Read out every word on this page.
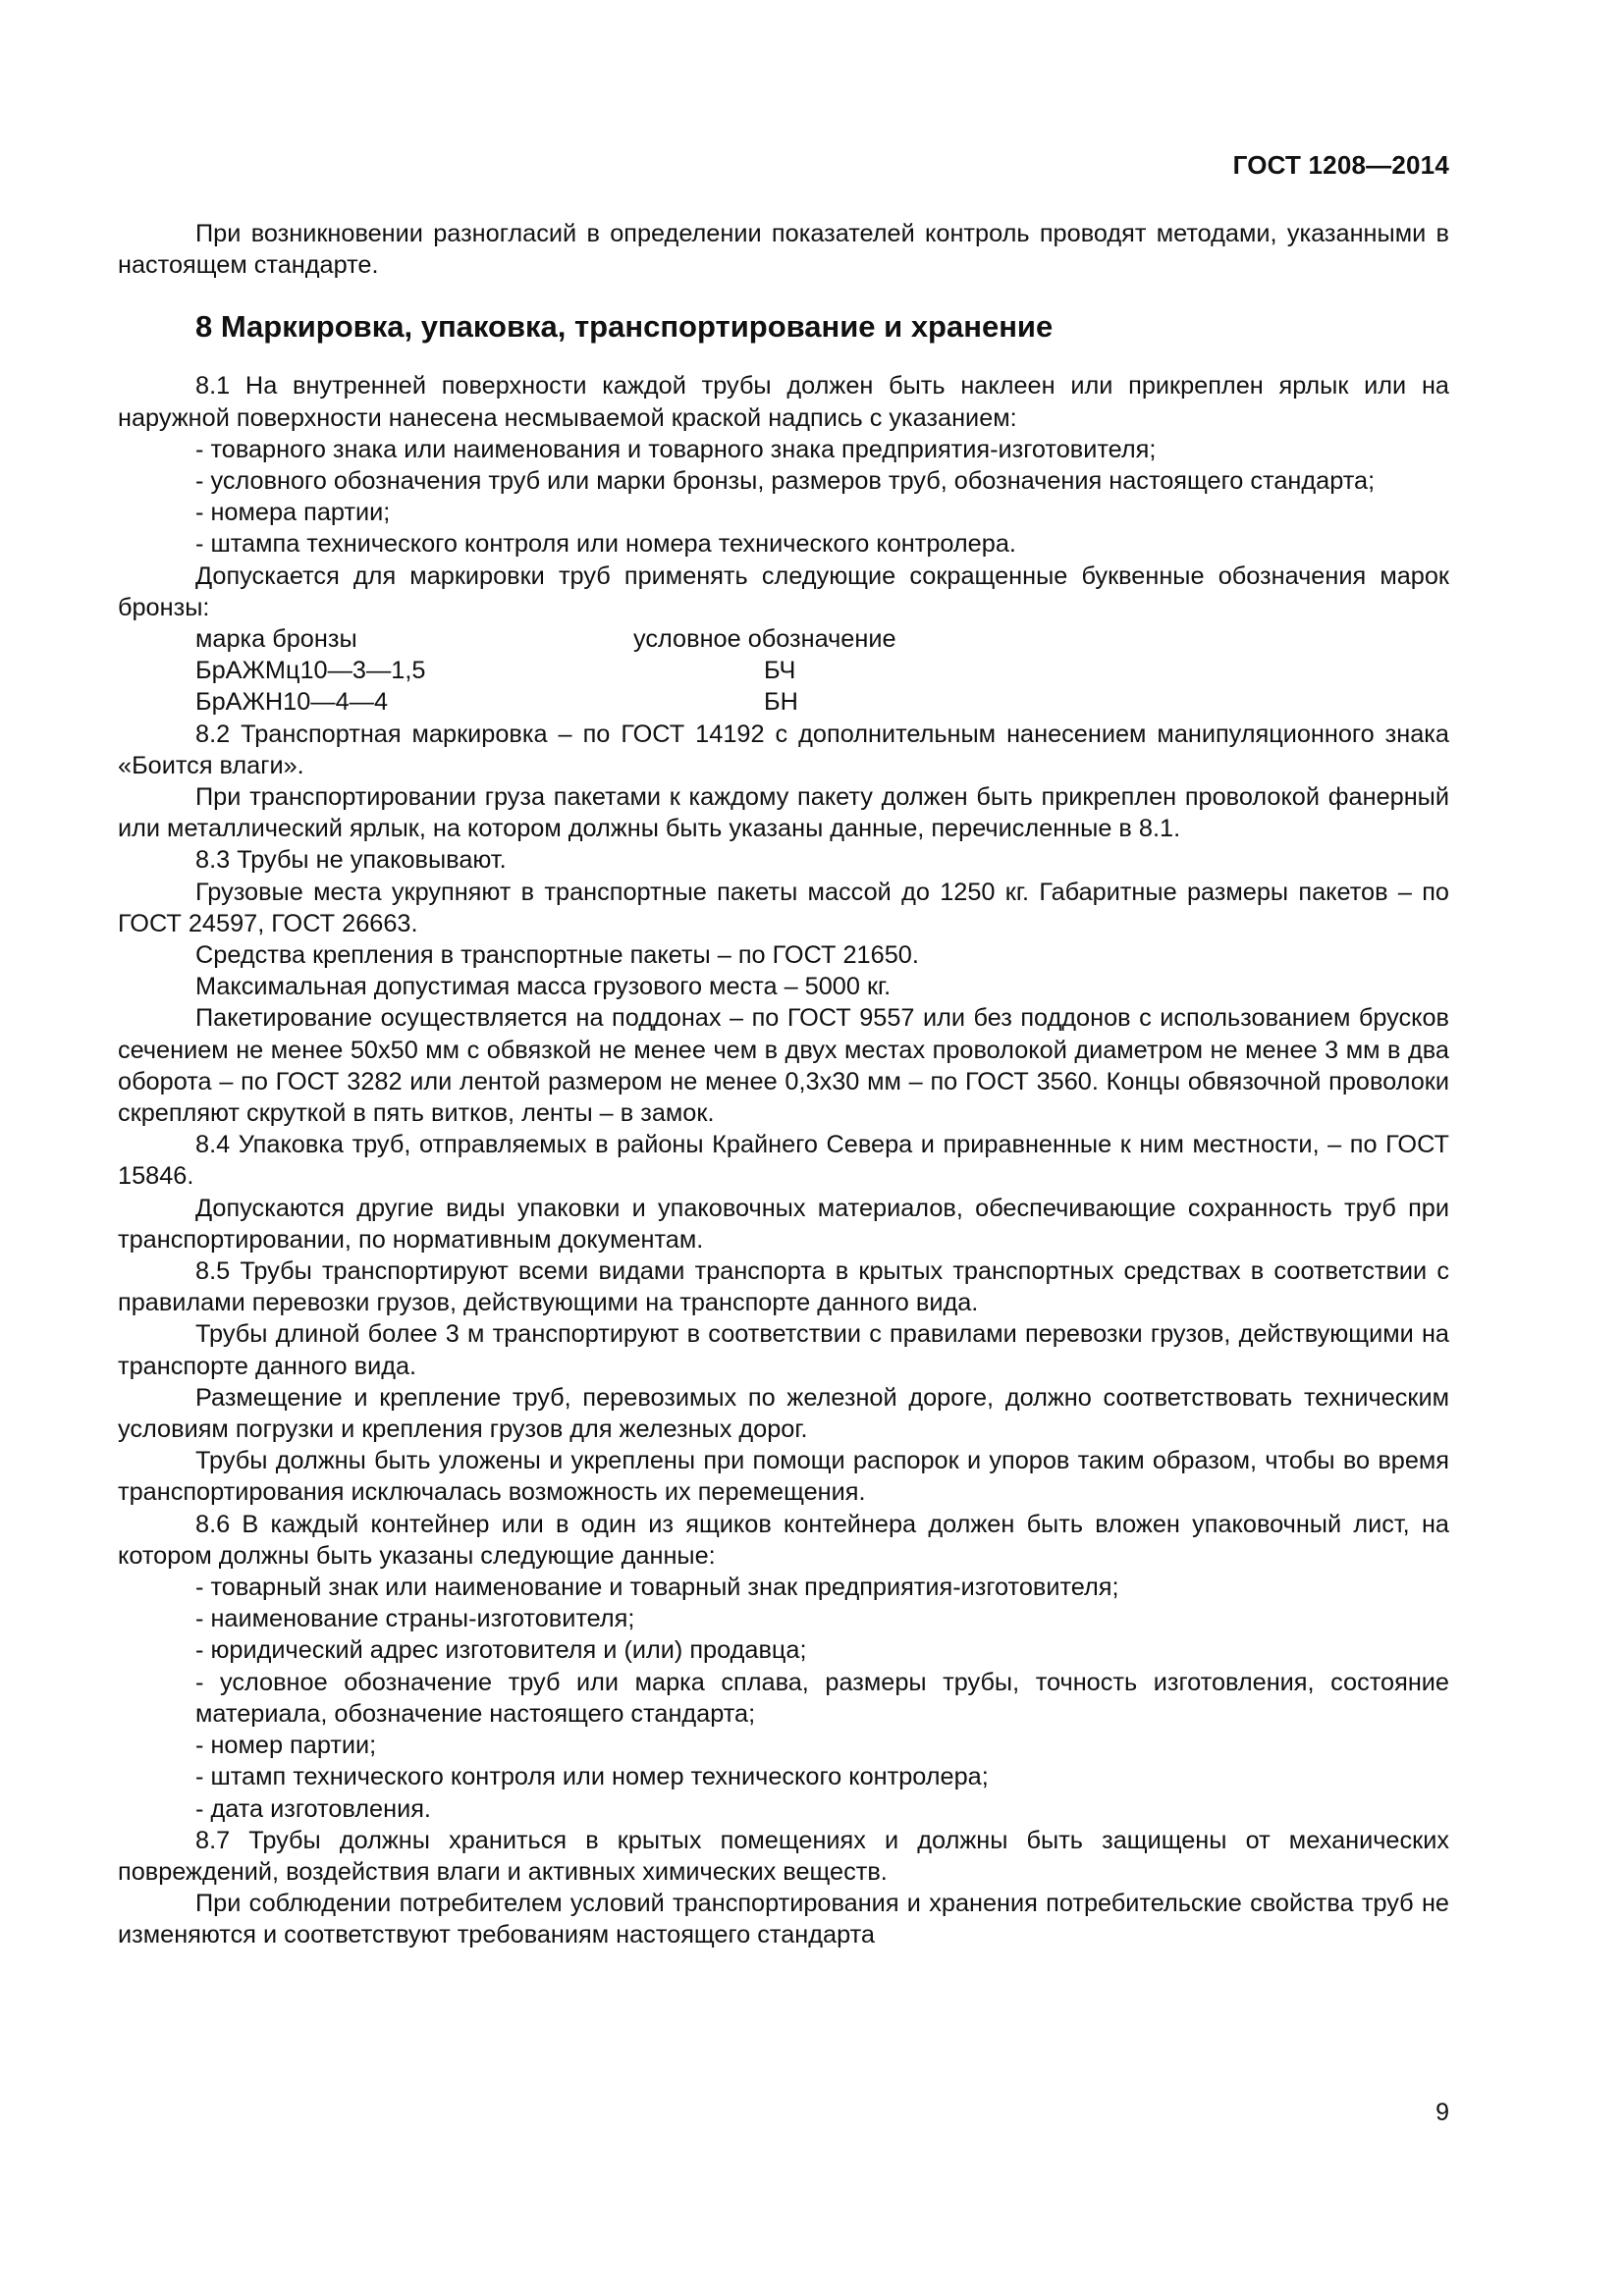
ГОСТ 1208—2014

При возникновении разногласий в определении показателей контроль проводят методами, указанными в настоящем стандарте.

8 Маркировка, упаковка, транспортирование и хранение

8.1 На внутренней поверхности каждой трубы должен быть наклеен или прикреплен ярлык или на наружной поверхности нанесена несмываемой краской надпись с указанием:

- товарного знака или наименования и товарного знака предприятия-изготовителя;

- условного обозначения труб или марки бронзы, размеров труб, обозначения настоящего стандарта;

- номера партии;

- штампа технического контроля или номера технического контролера.

Допускается для маркировки труб применять следующие сокращенные буквенные обозначения марок бронзы:

марка бронзы	условное обозначение
БрАЖМц10—3—1,5	БЧ
БрАЖН10—4—4	БН

8.2 Транспортная маркировка – по ГОСТ 14192 с дополнительным нанесением манипуляционного знака «Боится влаги».

При транспортировании груза пакетами к каждому пакету должен быть прикреплен проволокой фанерный или металлический ярлык, на котором должны быть указаны данные, перечисленные в 8.1.

8.3 Трубы не упаковывают.

Грузовые места укрупняют в транспортные пакеты массой до 1250 кг. Габаритные размеры пакетов – по ГОСТ 24597, ГОСТ 26663.

Средства крепления в транспортные пакеты – по ГОСТ 21650.

Максимальная допустимая масса грузового места – 5000 кг.

Пакетирование осуществляется на поддонах – по ГОСТ 9557 или без поддонов с использованием брусков сечением не менее 50х50 мм с обвязкой не менее чем в двух местах проволокой диаметром не менее 3 мм в два оборота – по ГОСТ 3282 или лентой размером не менее 0,3х30 мм – по ГОСТ 3560. Концы обвязочной проволоки скрепляют скруткой в пять витков, ленты – в замок.

8.4 Упаковка труб, отправляемых в районы Крайнего Севера и приравненные к ним местности, – по ГОСТ 15846.

Допускаются другие виды упаковки и упаковочных материалов, обеспечивающие сохранность труб при транспортировании, по нормативным документам.

8.5 Трубы транспортируют всеми видами транспорта в крытых транспортных средствах в соответствии с правилами перевозки грузов, действующими на транспорте данного вида.

Трубы длиной более 3 м транспортируют в соответствии с правилами перевозки грузов, действующими на транспорте данного вида.

Размещение и крепление труб, перевозимых по железной дороге, должно соответствовать техническим условиям погрузки и крепления грузов для железных дорог.

Трубы должны быть уложены и укреплены при помощи распорок и упоров таким образом, чтобы во время транспортирования исключалась возможность их перемещения.

8.6 В каждый контейнер или в один из ящиков контейнера должен быть вложен упаковочный лист, на котором должны быть указаны следующие данные:

- товарный знак или наименование и товарный знак предприятия-изготовителя;

- наименование страны-изготовителя;

- юридический адрес изготовителя и (или) продавца;

- условное обозначение труб или марка сплава, размеры трубы, точность изготовления, состояние материала, обозначение настоящего стандарта;

- номер партии;

- штамп технического контроля или номер технического контролера;

- дата изготовления.

8.7 Трубы должны храниться в крытых помещениях и должны быть защищены от механических повреждений, воздействия влаги и активных химических веществ.

При соблюдении потребителем условий транспортирования и хранения потребительские свойства труб не изменяются и соответствуют требованиям настоящего стандарта

9
